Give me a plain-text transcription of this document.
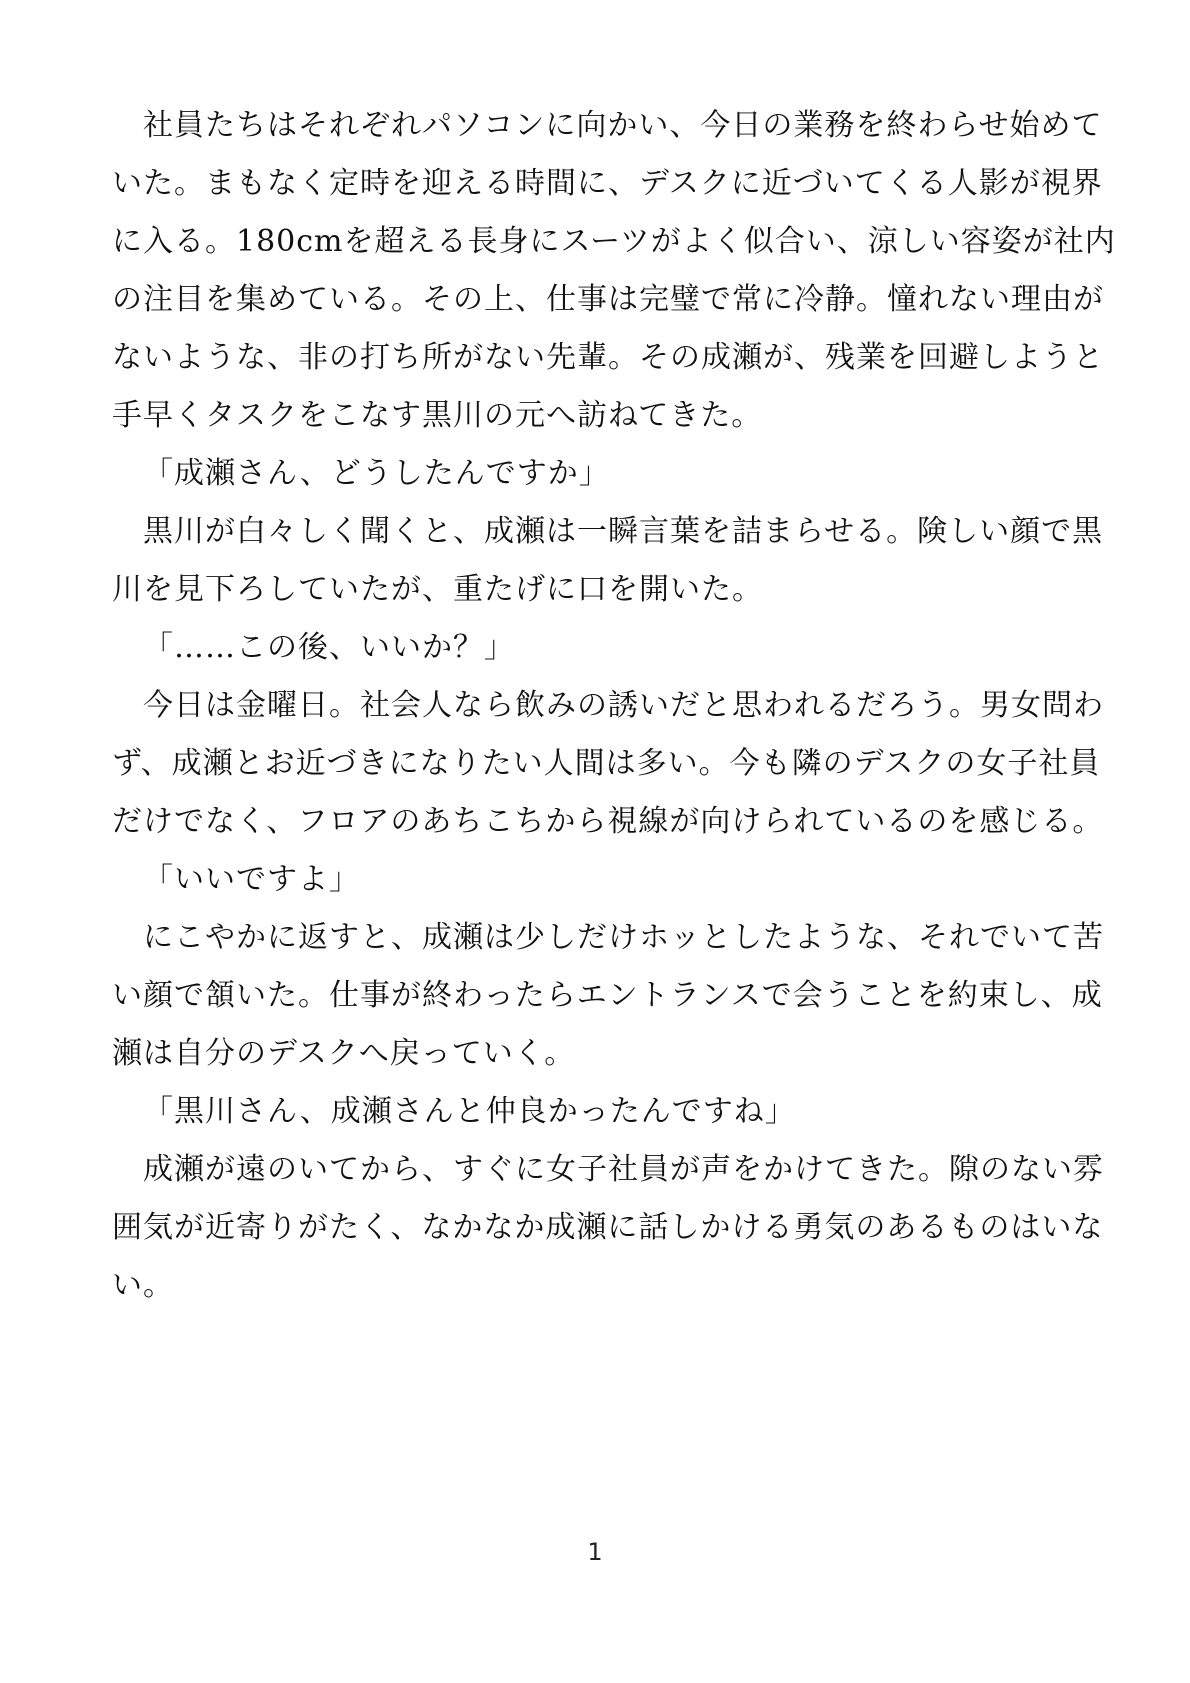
社員たちはそれぞれパソコンに向かい、今日の業務を終わらせ始めて
いた。まもなく定時を迎える時間に、デスクに近づいてくる人影が視界
に入る。180cmを超える長身にスーツがよく似合い、涼しい容姿が社内
の注目を集めている。その上、仕事は完璧で常に冷静。憧れない理由が
ないような、非の打ち所がない先輩。その成瀬が、残業を回避しようと
手早くタスクをこなす黒川の元へ訪ねてきた。
「成瀬さん、どうしたんですか」
黒川が白々しく聞くと、成瀬は一瞬言葉を詰まらせる。険しい顔で黒
川を見下ろしていたが、重たげに口を開いた。
「……この後、いいか？」
今日は金曜日。社会人なら飲みの誘いだと思われるだろう。男女問わ
ず、成瀬とお近づきになりたい人間は多い。今も隣のデスクの女子社員
だけでなく、フロアのあちこちから視線が向けられているのを感じる。
「いいですよ」
にこやかに返すと、成瀬は少しだけホッとしたような、それでいて苦
い顔で頷いた。仕事が終わったらエントランスで会うことを約束し、成
瀬は自分のデスクへ戻っていく。
「黒川さん、成瀬さんと仲良かったんですね」
成瀬が遠のいてから、すぐに女子社員が声をかけてきた。隙のない雰
囲気が近寄りがたく、なかなか成瀬に話しかける勇気のあるものはいな
い。
1
